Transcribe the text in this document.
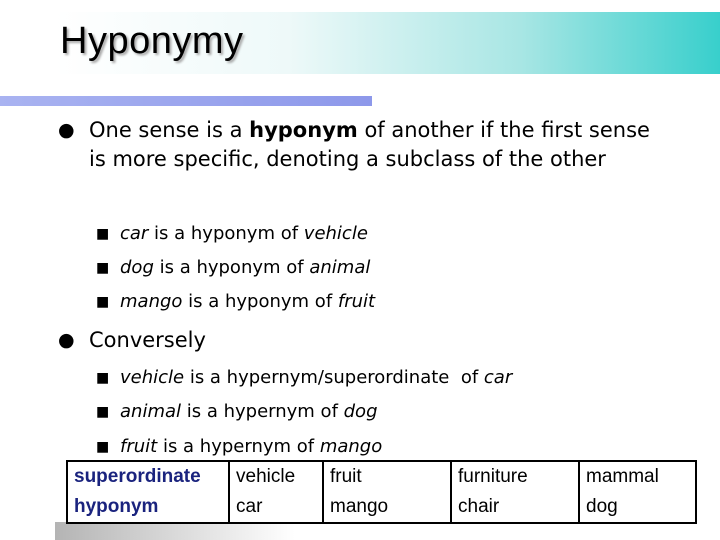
Hyponymy
● One sense is a hyponym of another if the first sense is more specific, denoting a subclass of the other
■ car is a hyponym of vehicle
■ dog is a hyponym of animal
■ mango is a hyponym of fruit
● Conversely
■ vehicle is a hypernym/superordinate  of car
■ animal is a hypernym of dog
■ fruit is a hypernym of mango
superordinate	vehicle	fruit	furniture	mammal
hyponym	car	mango	chair	dog
